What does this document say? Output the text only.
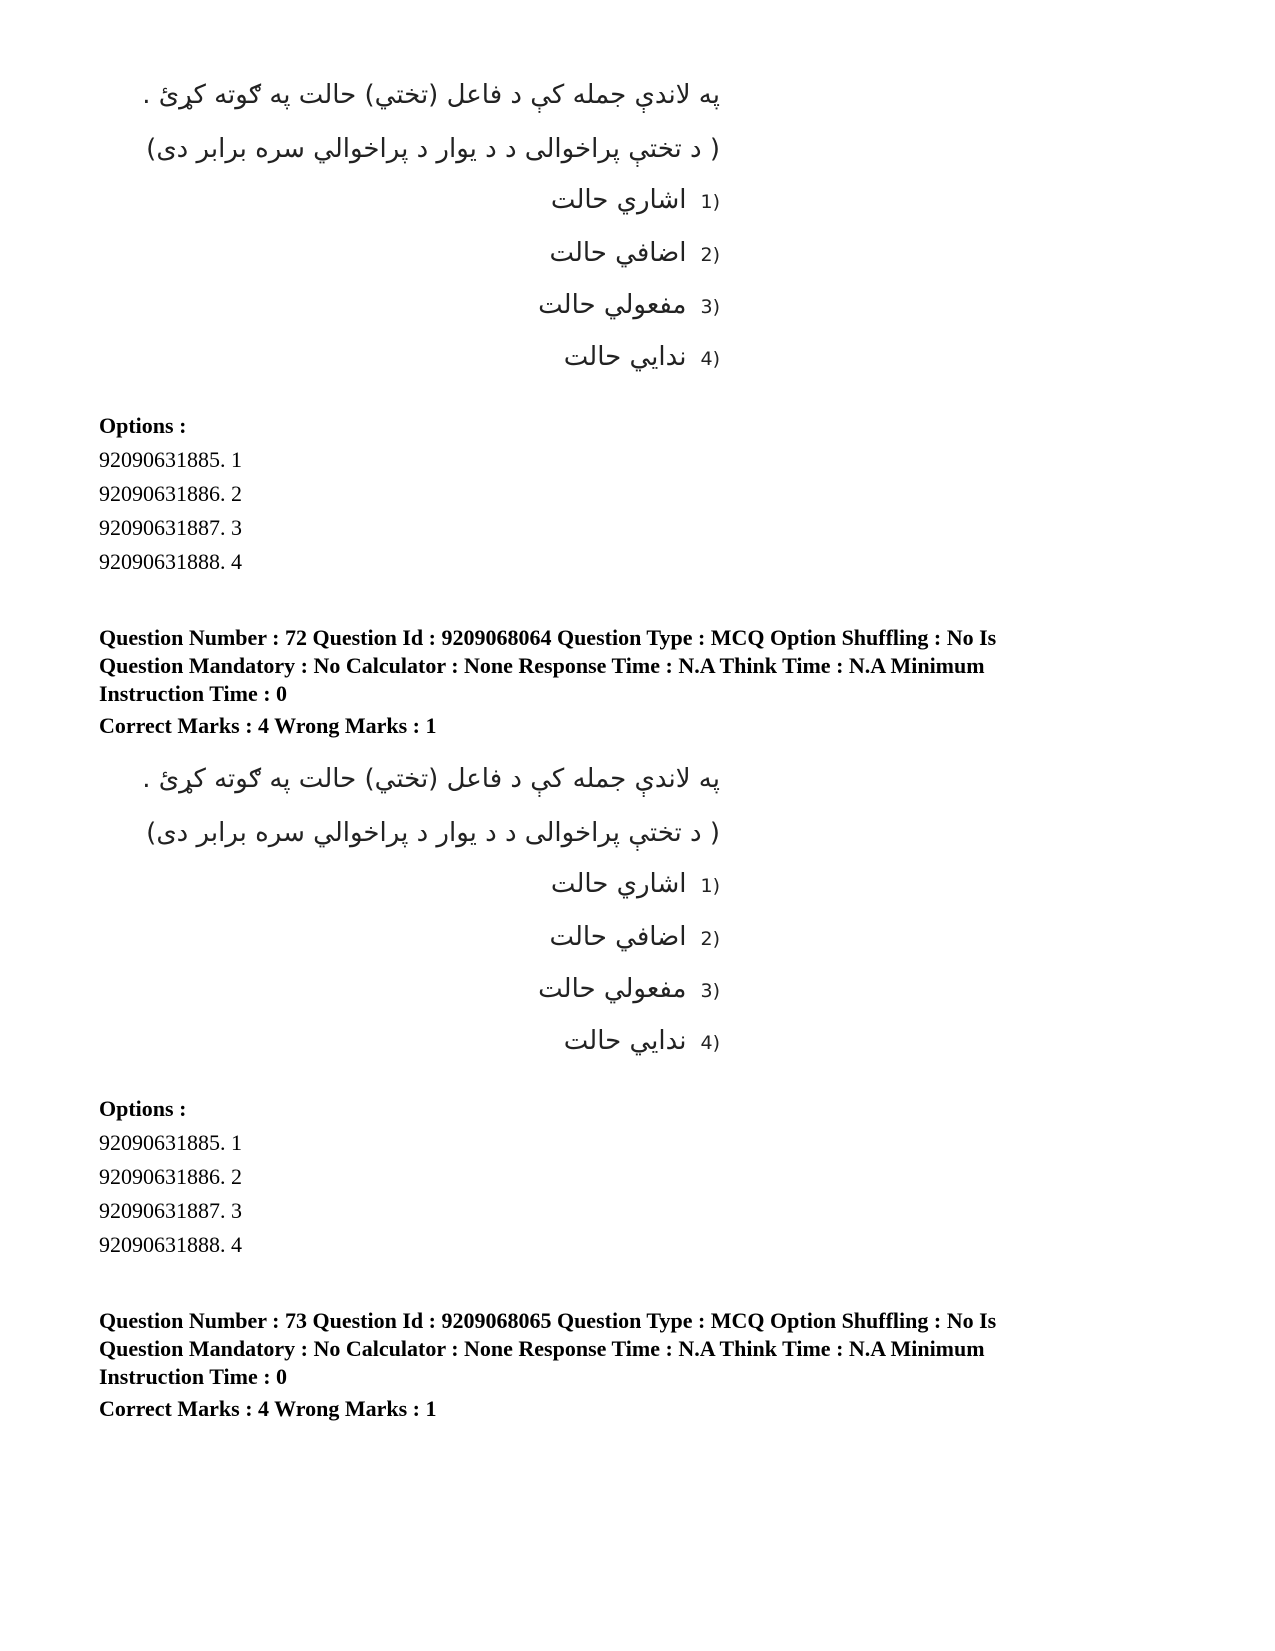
په لاندې جمله کې د فاعل (تختي) حالت په ګوته کړئ .
( د تختې پراخوالی د د يوار د پراخوالي سره برابر دی)
(1اشاري حالت
(2اضافي حالت
(3مفعولي حالت
(4ندايي حالت
Options :
92090631885. 1
92090631886. 2
92090631887. 3
92090631888. 4
Question Number : 72 Question Id : 9209068064 Question Type : MCQ Option Shuffling : No Is
Question Mandatory : No Calculator : None Response Time : N.A Think Time : N.A Minimum
Instruction Time : 0
Correct Marks : 4 Wrong Marks : 1
په لاندې جمله کې د فاعل (تختي) حالت په ګوته کړئ .
( د تختې پراخوالی د د يوار د پراخوالي سره برابر دی)
(1اشاري حالت
(2اضافي حالت
(3مفعولي حالت
(4ندايي حالت
Options :
92090631885. 1
92090631886. 2
92090631887. 3
92090631888. 4
Question Number : 73 Question Id : 9209068065 Question Type : MCQ Option Shuffling : No Is
Question Mandatory : No Calculator : None Response Time : N.A Think Time : N.A Minimum
Instruction Time : 0
Correct Marks : 4 Wrong Marks : 1
